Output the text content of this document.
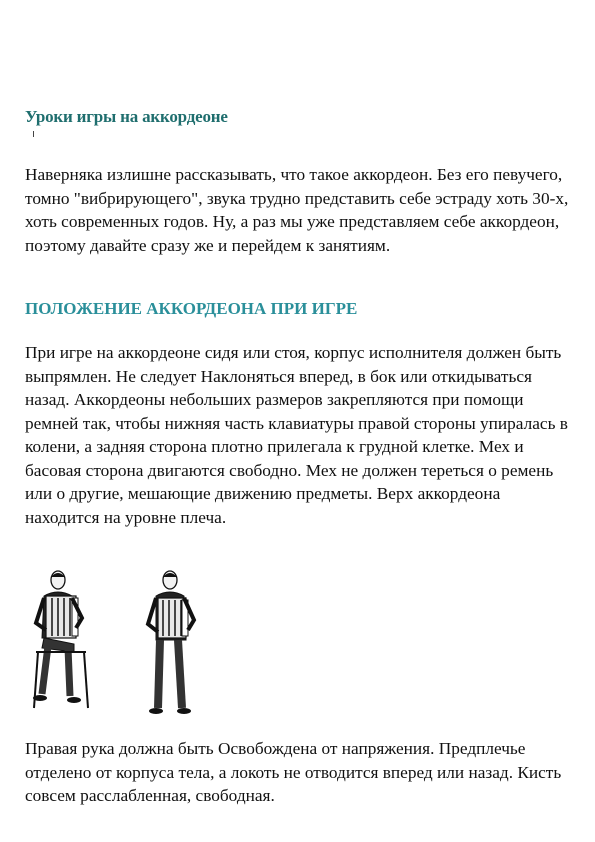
Уроки игры на аккордеоне

Наверняка излишне рассказывать, что такое аккордеон. Без его певучего, томно "вибрирующего", звука трудно представить себе эстраду хоть 30-х, хоть современных годов. Ну, а раз мы уже представляем себе аккордеон, поэтому давайте сразу же и перейдем к занятиям.

ПОЛОЖЕНИЕ АККОРДЕОНА ПРИ ИГРЕ

При игре на аккордеоне сидя или стоя, корпус исполнителя должен быть выпрямлен. Не следует Наклоняться вперед, в бок или откидываться назад. Аккордеоны небольших размеров закрепляются при помощи ремней так, чтобы нижняя часть клавиатуры правой стороны упиралась в колени, а задняя сторона плотно прилегала к грудной клетке. Мех и басовая сторона двигаются свободно. Мех не должен тереться о ремень или о другие, мешающие движению предметы. Верх аккордеона находится на уровне плеча.

Правая рука должна быть Освобождена от напряжения. Предплечье отделено от корпуса тела, а локоть не отводится вперед или назад. Кисть совсем расслабленная, свободная.
